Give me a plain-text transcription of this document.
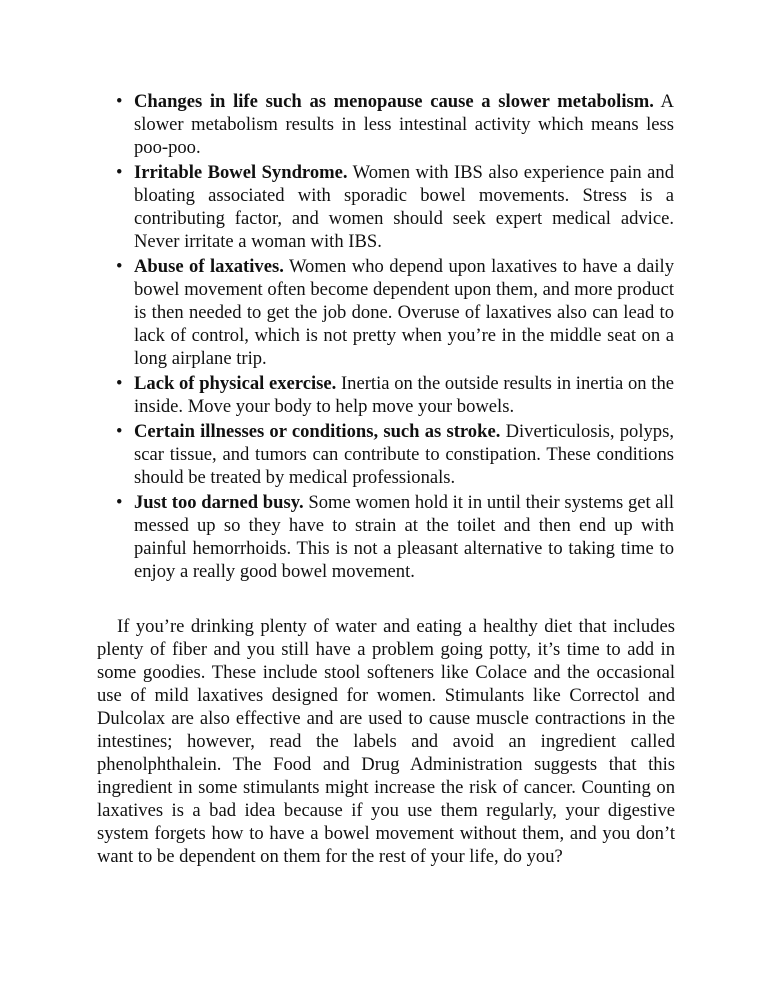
• Changes in life such as menopause cause a slower metabolism. A slower metabolism results in less intestinal activity which means less poo-poo.
• Irritable Bowel Syndrome. Women with IBS also experience pain and bloating associated with sporadic bowel movements. Stress is a contributing factor, and women should seek expert medical advice. Never irritate a woman with IBS.
• Abuse of laxatives. Women who depend upon laxatives to have a daily bowel movement often become dependent upon them, and more product is then needed to get the job done. Overuse of laxatives also can lead to lack of control, which is not pretty when you’re in the middle seat on a long airplane trip.
• Lack of physical exercise. Inertia on the outside results in inertia on the inside. Move your body to help move your bowels.
• Certain illnesses or conditions, such as stroke. Diverticulosis, polyps, scar tissue, and tumors can contribute to constipation. These conditions should be treated by medical professionals.
• Just too darned busy. Some women hold it in until their systems get all messed up so they have to strain at the toilet and then end up with painful hemorrhoids. This is not a pleasant alternative to taking time to enjoy a really good bowel movement.

If you’re drinking plenty of water and eating a healthy diet that includes plenty of fiber and you still have a problem going potty, it’s time to add in some goodies. These include stool softeners like Colace and the occasional use of mild laxatives designed for women. Stimulants like Correctol and Dulcolax are also effective and are used to cause muscle contractions in the intestines; however, read the labels and avoid an ingredient called phenolphthalein. The Food and Drug Administration suggests that this ingredient in some stimulants might increase the risk of cancer. Counting on laxatives is a bad idea because if you use them regularly, your digestive system forgets how to have a bowel movement without them, and you don’t want to be dependent on them for the rest of your life, do you?
